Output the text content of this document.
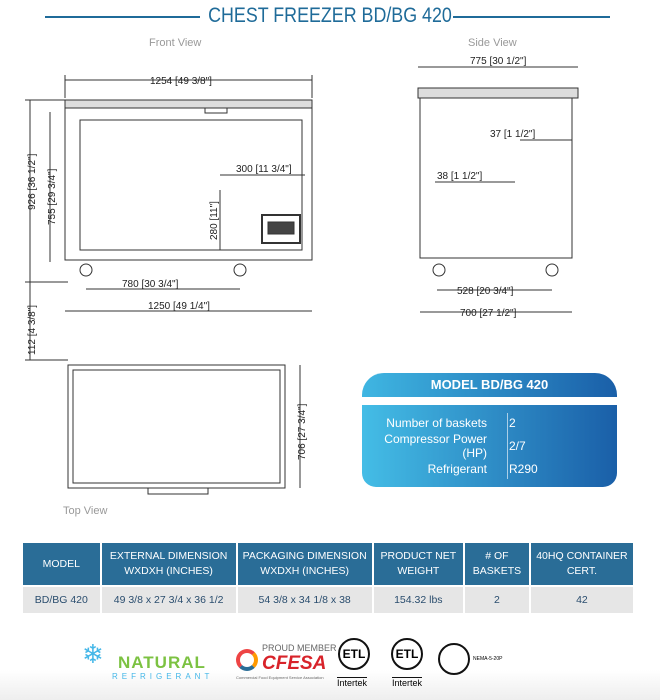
CHEST FREEZER BD/BG 420
Front View	Side View
Top View
1254 [49 3/8"]
926 [36 1/2"] 755 [29 3/4"]
112 [4 3/8"]
300 [11 3/4"]
280 [11"]
780 [30 3/4"]
1250 [49 1/4"]
775 [30 1/2"]
37 [1 1/2"]
38 [1 1/2"]
528 [20 3/4"]
700 [27 1/2"]
706 [27 3/4"]
MODEL BD/BG 420
Number of baskets	2
Compressor Power (HP)	2/7
Refrigerant	R290
MODEL	EXTERNAL DIMENSION WXDXH (INCHES)	PACKAGING DIMENSION WXDXH (INCHES)	PRODUCT NET WEIGHT	# OF BASKETS	40HQ CONTAINER CERT.
BD/BG 420	49 3/8 x 27 3/4 x 36 1/2	54 3/8 x 34 1/8 x 38	154.32 lbs	2	42
❄ NATURAL
REFRIGERANT
PROUD MEMBER
CFESA
Commercial Food Equipment Service Association
ETL
Intertek
ETL
Intertek
NEMA-5-20P
